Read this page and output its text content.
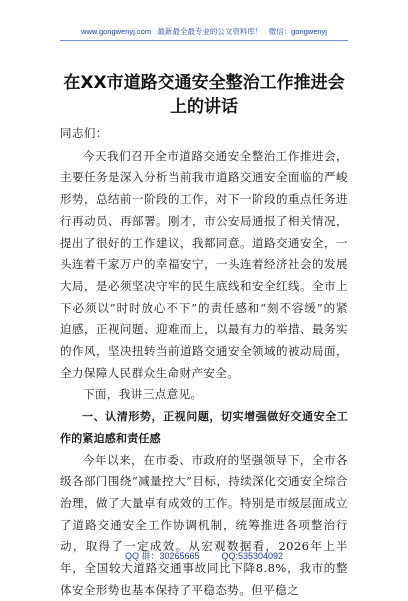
www.gongwenyj.com 最新最全最专业的公文资料库！ 微信：gongwenyj
在XX市道路交通安全整治工作推进会上的讲话

同志们：

今天我们召开全市道路交通安全整治工作推进会，主要任务是深入分析当前我市道路交通安全面临的严峻形势，总结前一阶段的工作，对下一阶段的重点任务进行再动员、再部署。刚才，市公安局通报了相关情况，提出了很好的工作建议，我都同意。道路交通安全，一头连着千家万户的幸福安宁，一头连着经济社会的发展大局，是必须坚决守牢的民生底线和安全红线。全市上下必须以“时时放心不下”的责任感和“刻不容缓”的紧迫感，正视问题、迎难而上，以最有力的举措、最务实的作风，坚决扭转当前道路交通安全领域的被动局面，全力保障人民群众生命财产安全。

下面，我讲三点意见。

一、认清形势，正视问题，切实增强做好交通安全工作的紧迫感和责任感

今年以来，在市委、市政府的坚强领导下，全市各级各部门围绕“减量控大”目标，持续深化交通安全综合治理，做了大量卓有成效的工作。特别是市级层面成立了道路交通安全工作协调机制，统筹推进各项整治行动，取得了一定成效。从宏观数据看，2026年上半年，全国较大道路交通事故同比下降8.8%，我市的整体安全形势也基本保持了平稳态势。但平稳之

QQ 群：30265665 QQ:535304092
